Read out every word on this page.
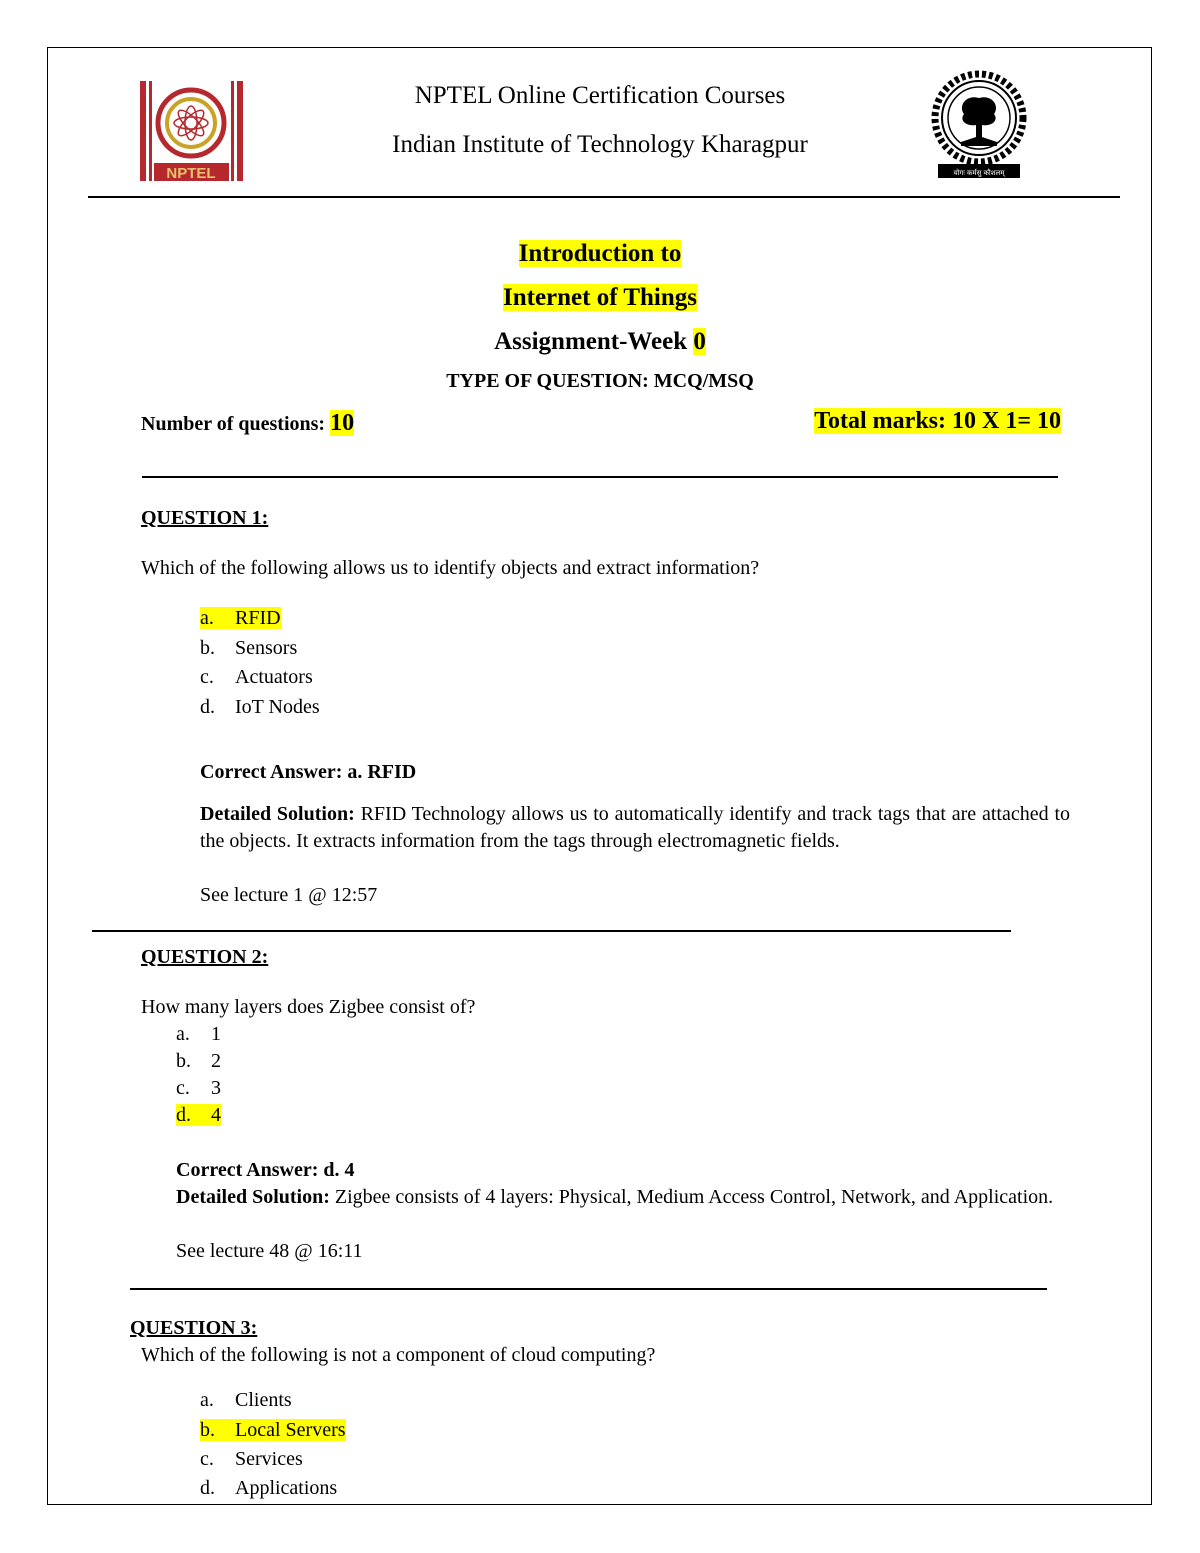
NPTEL
NPTEL Online Certification Courses
Indian Institute of Technology Kharagpur
योगः कर्मसु कौशलम्
Introduction to
Internet of Things
Assignment-Week 0
TYPE OF QUESTION: MCQ/MSQ
Number of questions: 10	Total marks: 10 X 1= 10
QUESTION 1:
Which of the following allows us to identify objects and extract information?
a. RFID
b. Sensors
c. Actuators
d. IoT Nodes
Correct Answer: a. RFID
Detailed Solution: RFID Technology allows us to automatically identify and track tags that are attached to the objects. It extracts information from the tags through electromagnetic fields.
See lecture 1 @ 12:57
QUESTION 2:
How many layers does Zigbee consist of?
a. 1
b. 2
c. 3
d. 4
Correct Answer: d. 4
Detailed Solution: Zigbee consists of 4 layers: Physical, Medium Access Control, Network, and Application.
See lecture 48 @ 16:11
QUESTION 3:
Which of the following is not a component of cloud computing?
a. Clients
b. Local Servers
c. Services
d. Applications
